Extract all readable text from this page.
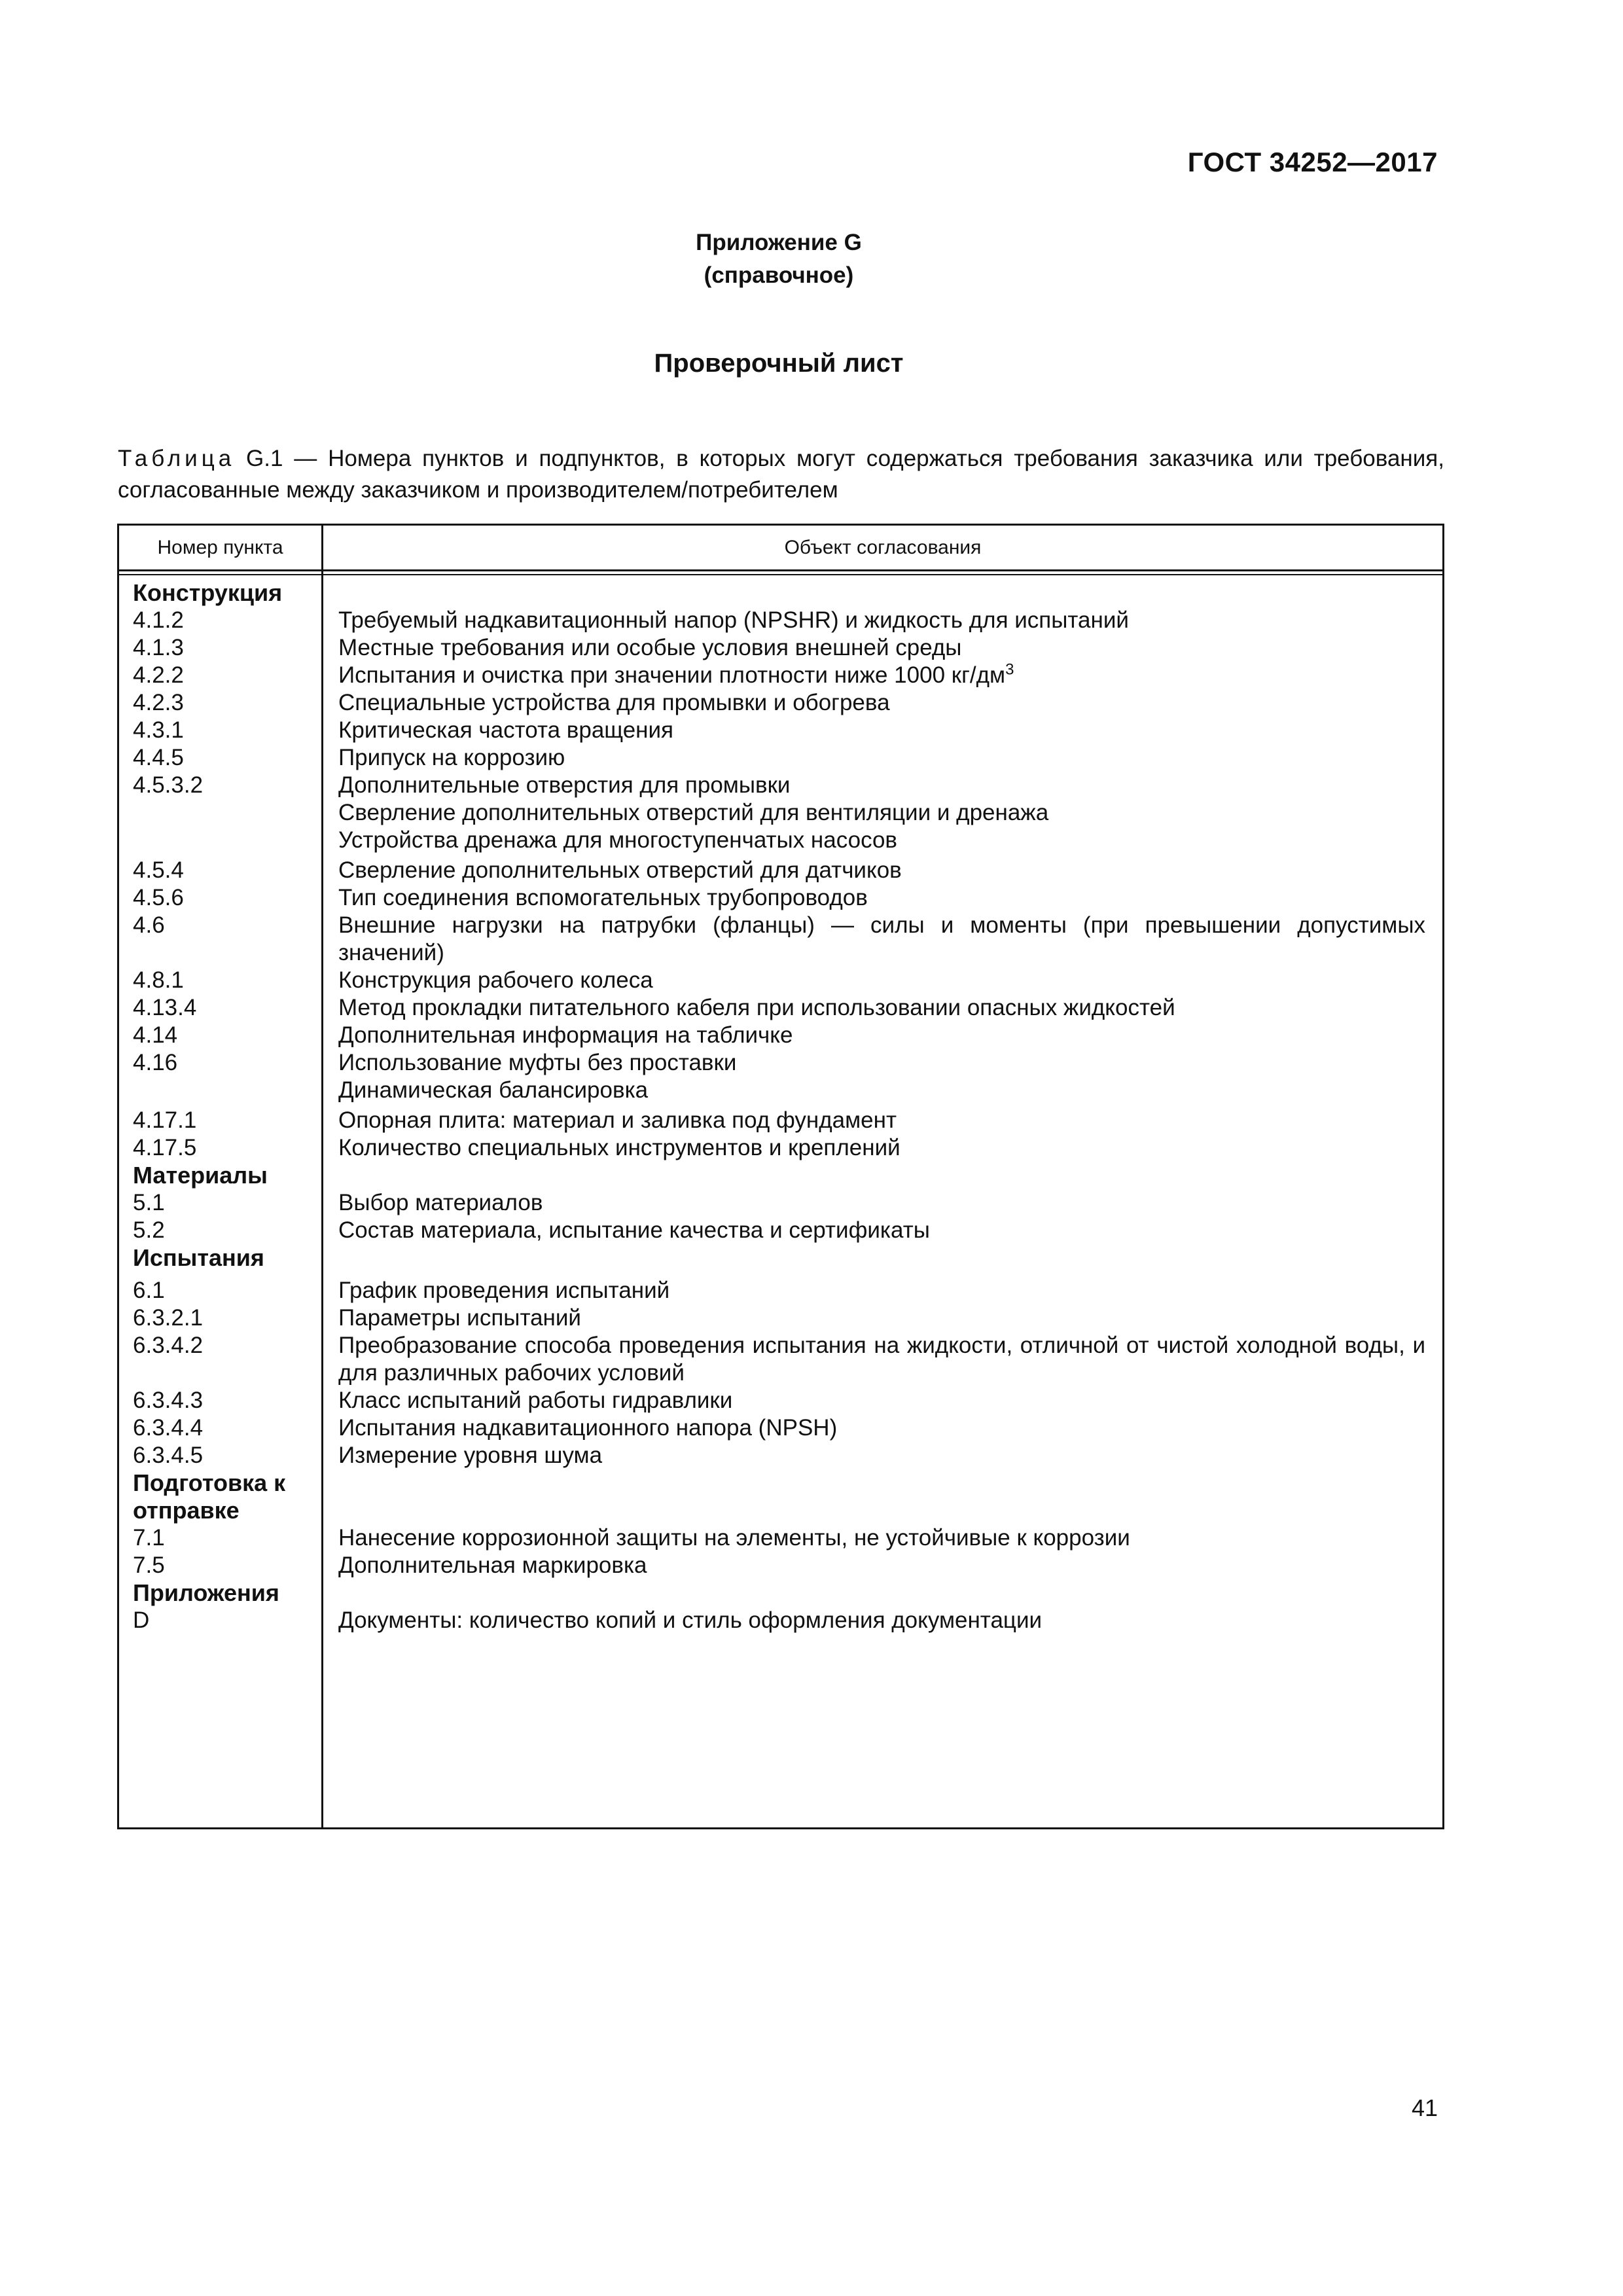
ГОСТ 34252—2017
Приложение G
(справочное)
Проверочный лист
Таблица G.1 — Номера пунктов и подпунктов, в которых могут содержаться требования заказчика или требования, согласованные между заказчиком и производителем/потребителем
Номер пункта	Объект согласования
Конструкция

4.1.2	Требуемый надкавитационный напор (NPSHR) и жидкость для испытаний
4.1.3	Местные требования или особые условия внешней среды
4.2.2	Испытания и очистка при значении плотности ниже 1000 $кг/дм^3$
4.2.3	Специальные устройства для промывки и обогрева
4.3.1	Критическая частота вращения
4.4.5	Припуск на коррозию
4.5.3.2	Дополнительные отверстия для промывки
Сверление дополнительных отверстий для вентиляции и дренажа
Устройства дренажа для многоступенчатых насосов
4.5.4	Сверление дополнительных отверстий для датчиков
4.5.6	Тип соединения вспомогательных трубопроводов
4.6	Внешние нагрузки на патрубки (фланцы) — силы и моменты (при превышении допустимых значений)
4.8.1	Конструкция рабочего колеса
4.13.4	Метод прокладки питательного кабеля при использовании опасных жидкостей
4.14	Дополнительная информация на табличке
4.16	Использование муфты без проставки
Динамическая балансировка
4.17.1	Опорная плита: материал и заливка под фундамент
4.17.5	Количество специальных инструментов и креплений
Материалы

5.1	Выбор материалов
5.2	Состав материала, испытание качества и сертификаты
Испытания

6.1	График проведения испытаний
6.3.2.1	Параметры испытаний
6.3.4.2	Преобразование способа проведения испытания на жидкости, отличной от чистой холодной воды, и для различных рабочих условий
6.3.4.3	Класс испытаний работы гидравлики
6.3.4.4	Испытания надкавитационного напора (NPSH)
6.3.4.5	Измерение уровня шума
Подготовка к отправке

7.1	Нанесение коррозионной защиты на элементы, не устойчивые к коррозии
7.5	Дополнительная маркировка
Приложения

D	Документы: количество копий и стиль оформления документации
41
